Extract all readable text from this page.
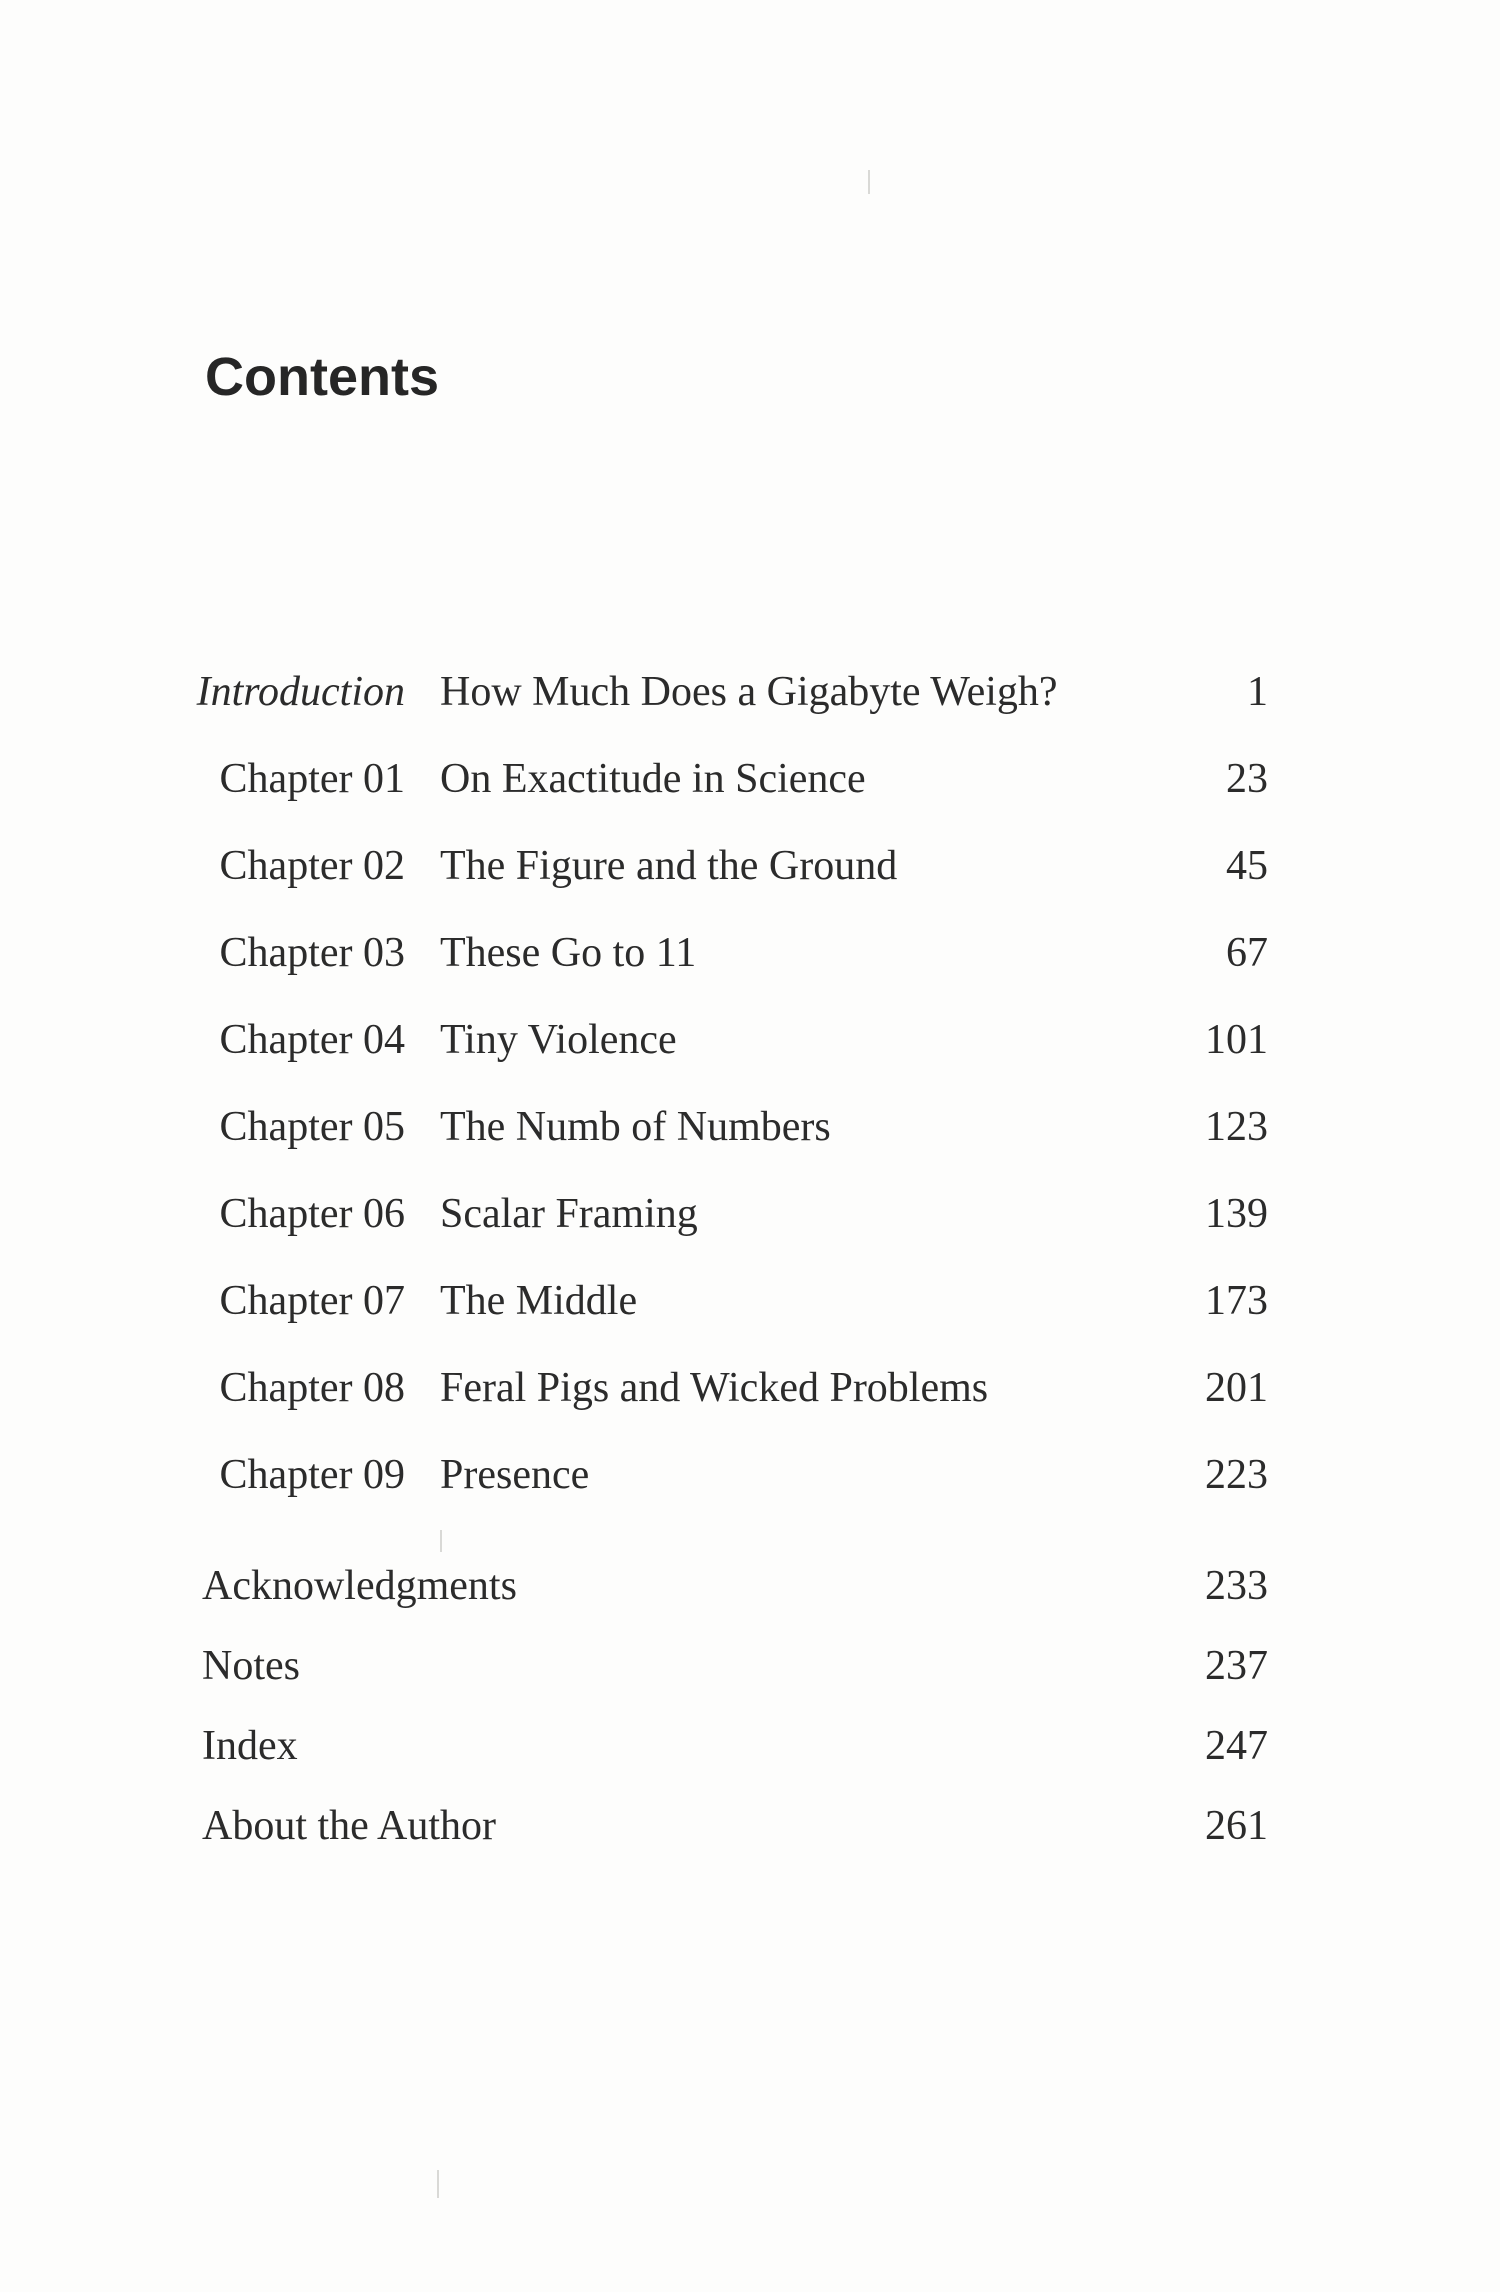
Contents
Introduction How Much Does a Gigabyte Weigh?	1
Chapter 01 On Exactitude in Science	23
Chapter 02 The Figure and the Ground	45
Chapter 03 These Go to 11	67
Chapter 04 Tiny Violence	101
Chapter 05 The Numb of Numbers	123
Chapter 06 Scalar Framing	139
Chapter 07 The Middle	173
Chapter 08 Feral Pigs and Wicked Problems	201
Chapter 09 Presence	223
Acknowledgments	233
Notes	237
Index	247
About the Author	261
